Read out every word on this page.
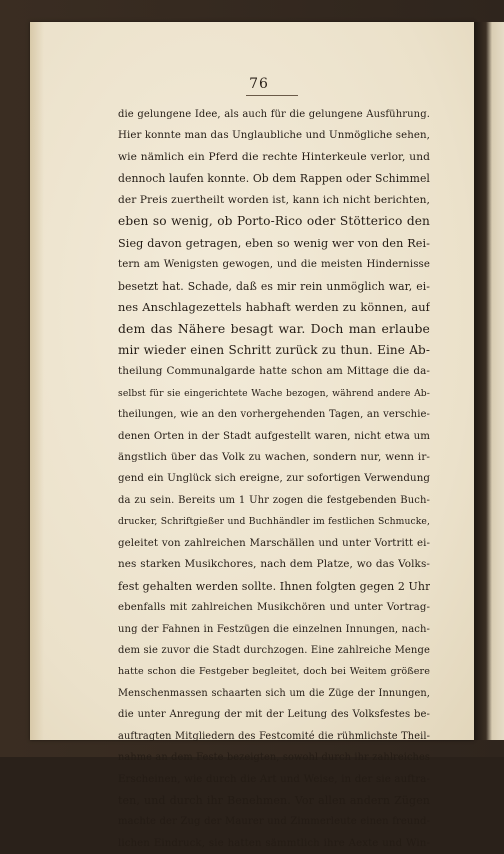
76
die gelungene Idee, als auch für die gelungene Ausführung.
Hier konnte man das Unglaubliche und Unmögliche sehen,
wie nämlich ein Pferd die rechte Hinterkeule verlor, und
dennoch laufen konnte. Ob dem Rappen oder Schimmel
der Preis zuertheilt worden ist, kann ich nicht berichten,
eben so wenig, ob Porto-Rico oder Stötterico den
Sieg davon getragen, eben so wenig wer von den Rei-
tern am Wenigsten gewogen, und die meisten Hindernisse
besetzt hat. Schade, daß es mir rein unmöglich war, ei-
nes Anschlagezettels habhaft werden zu können, auf
dem das Nähere besagt war. Doch man erlaube
mir wieder einen Schritt zurück zu thun. Eine Ab-
theilung Communalgarde hatte schon am Mittage die da-
selbst für sie eingerichtete Wache bezogen, während andere Ab-
theilungen, wie an den vorhergehenden Tagen, an verschie-
denen Orten in der Stadt aufgestellt waren, nicht etwa um
ängstlich über das Volk zu wachen, sondern nur, wenn ir-
gend ein Unglück sich ereigne, zur sofortigen Verwendung
da zu sein. Bereits um 1 Uhr zogen die festgebenden Buch-
drucker, Schriftgießer und Buchhändler im festlichen Schmucke,
geleitet von zahlreichen Marschällen und unter Vortritt ei-
nes starken Musikchores, nach dem Platze, wo das Volks-
fest gehalten werden sollte. Ihnen folgten gegen 2 Uhr
ebenfalls mit zahlreichen Musikchören und unter Vortrag-
ung der Fahnen in Festzügen die einzelnen Innungen, nach-
dem sie zuvor die Stadt durchzogen. Eine zahlreiche Menge
hatte schon die Festgeber begleitet, doch bei Weitem größere
Menschenmassen schaarten sich um die Züge der Innungen,
die unter Anregung der mit der Leitung des Volksfestes be-
auftragten Mitgliedern des Festcomité die rühmlichste Theil-
nahme an dem Feste bezeigten, sowohl durch ihr zahlreiches
Erscheinen, wie durch die Art und Weise, in der sie auftra-
ten, und durch ihr Benehmen. Vor allen andern Zügen
machte der Zug der Maurer und Zimmerleute einen freund-
lichen Eindruck, sie hatten sämmtlich ihre Aexte und Win-
